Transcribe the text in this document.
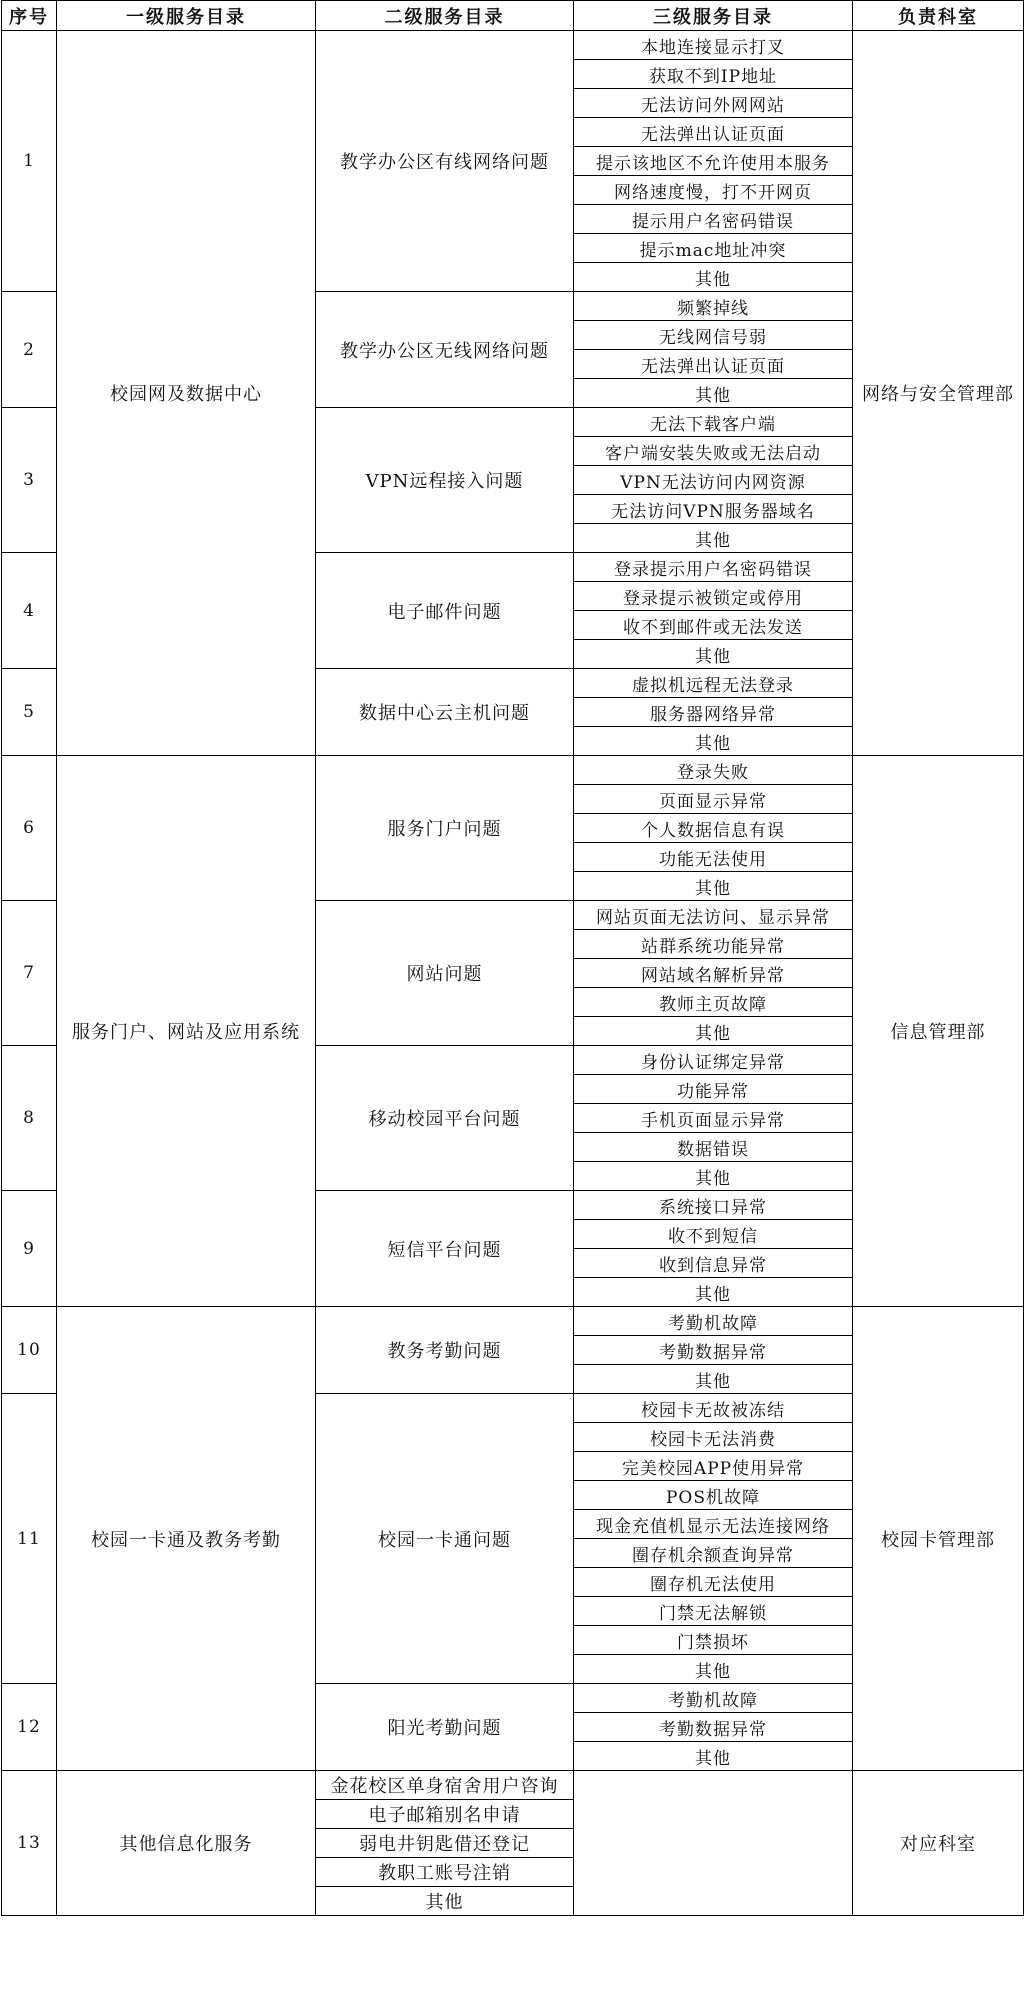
序号	一级服务目录	二级服务目录	三级服务目录	负责科室
1	校园网及数据中心	教学办公区有线网络问题	本地连接显示打叉	网络与安全管理部
			获取不到IP地址	
			无法访问外网网站	
			无法弹出认证页面	
			提示该地区不允许使用本服务	
			网络速度慢，打不开网页	
			提示用户名密码错误	
			提示mac地址冲突	
			其他	
2		教学办公区无线网络问题	频繁掉线	
			无线网信号弱	
			无法弹出认证页面	
			其他	
3		VPN远程接入问题	无法下载客户端	
			客户端安装失败或无法启动	
			VPN无法访问内网资源	
			无法访问VPN服务器域名	
			其他	
4		电子邮件问题	登录提示用户名密码错误	
			登录提示被锁定或停用	
			收不到邮件或无法发送	
			其他	
5		数据中心云主机问题	虚拟机远程无法登录	
			服务器网络异常	
			其他	
6	服务门户、网站及应用系统	服务门户问题	登录失败	信息管理部
			页面显示异常	
			个人数据信息有误	
			功能无法使用	
			其他	
7		网站问题	网站页面无法访问、显示异常	
			站群系统功能异常	
			网站域名解析异常	
			教师主页故障	
			其他	
8		移动校园平台问题	身份认证绑定异常	
			功能异常	
			手机页面显示异常	
			数据错误	
			其他	
9		短信平台问题	系统接口异常	
			收不到短信	
			收到信息异常	
			其他	
10	校园一卡通及教务考勤	教务考勤问题	考勤机故障	校园卡管理部
			考勤数据异常	
			其他	
11		校园一卡通问题	校园卡无故被冻结	
			校园卡无法消费	
			完美校园APP使用异常	
			POS机故障	
			现金充值机显示无法连接网络	
			圈存机余额查询异常	
			圈存机无法使用	
			门禁无法解锁	
			门禁损坏	
			其他	
12		阳光考勤问题	考勤机故障	
			考勤数据异常	
			其他	
13	其他信息化服务	金花校区单身宿舍用户咨询		对应科室
		电子邮箱别名申请		
		弱电井钥匙借还登记		
		教职工账号注销		
		其他		
